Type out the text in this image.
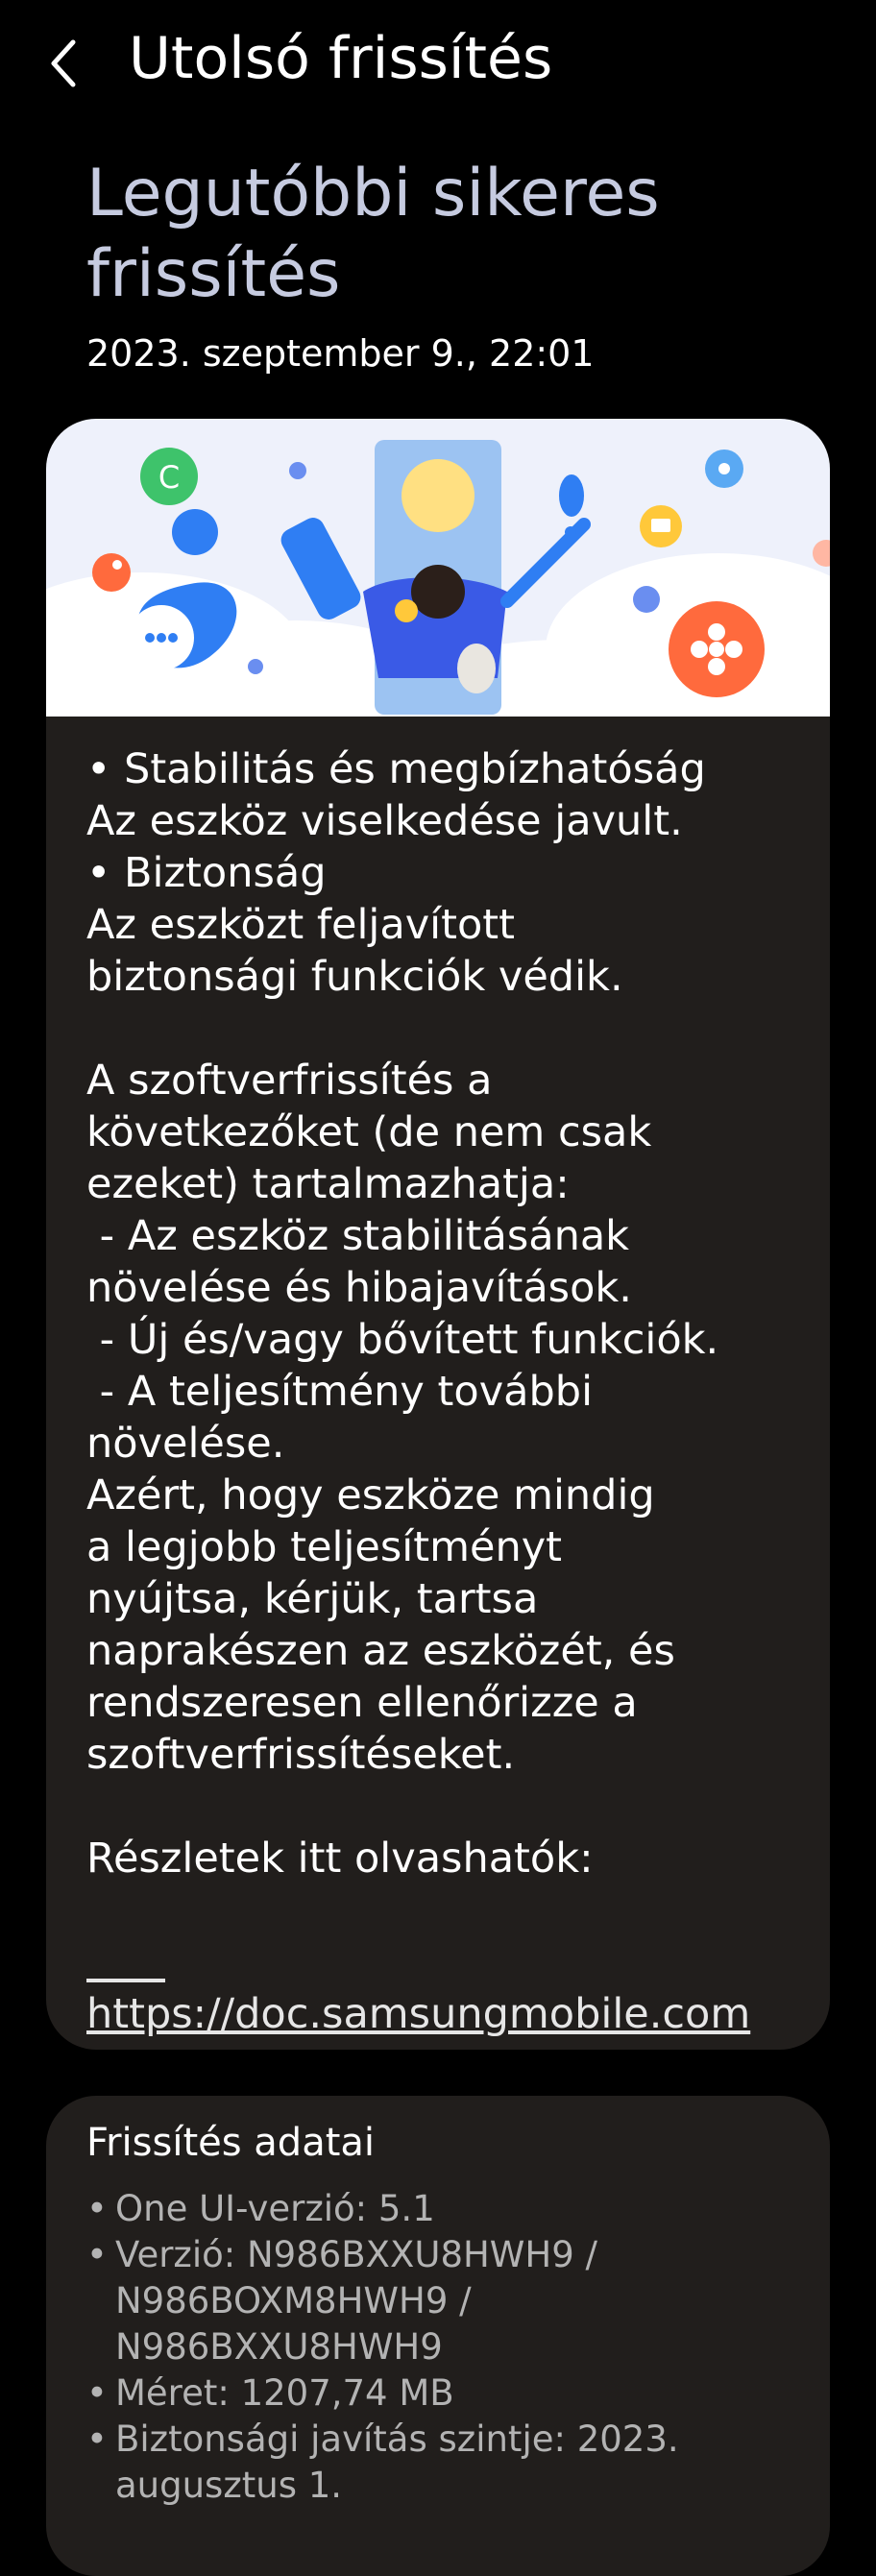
Utolsó frissítés
Legutóbbi sikeres
frissítés
2023. szeptember 9., 22:01
C
• Stabilitás és megbízhatóság
Az eszköz viselkedése javult.
• Biztonság
Az eszközt feljavított
biztonsági funkciók védik.
A szoftverfrissítés a
következőket (de nem csak
ezeket) tartalmazhatja:
- Az eszköz stabilitásának
növelése és hibajavítások.
- Új és/vagy bővített funkciók.
- A teljesítmény további
növelése.
Azért, hogy eszköze mindig
a legjobb teljesítményt
nyújtsa, kérjük, tartsa
naprakészen az eszközét, és
rendszeresen ellenőrizze a
szoftverfrissítéseket.
Részletek itt olvashatók:

https://doc.samsungmobile.com

Frissítés adatai
• One UI-verzió: 5.1
• Verzió: N986BXXU8HWH9 /
N986BOXM8HWH9 /
N986BXXU8HWH9
• Méret: 1207,74 MB
• Biztonsági javítás szintje: 2023.
augusztus 1.
